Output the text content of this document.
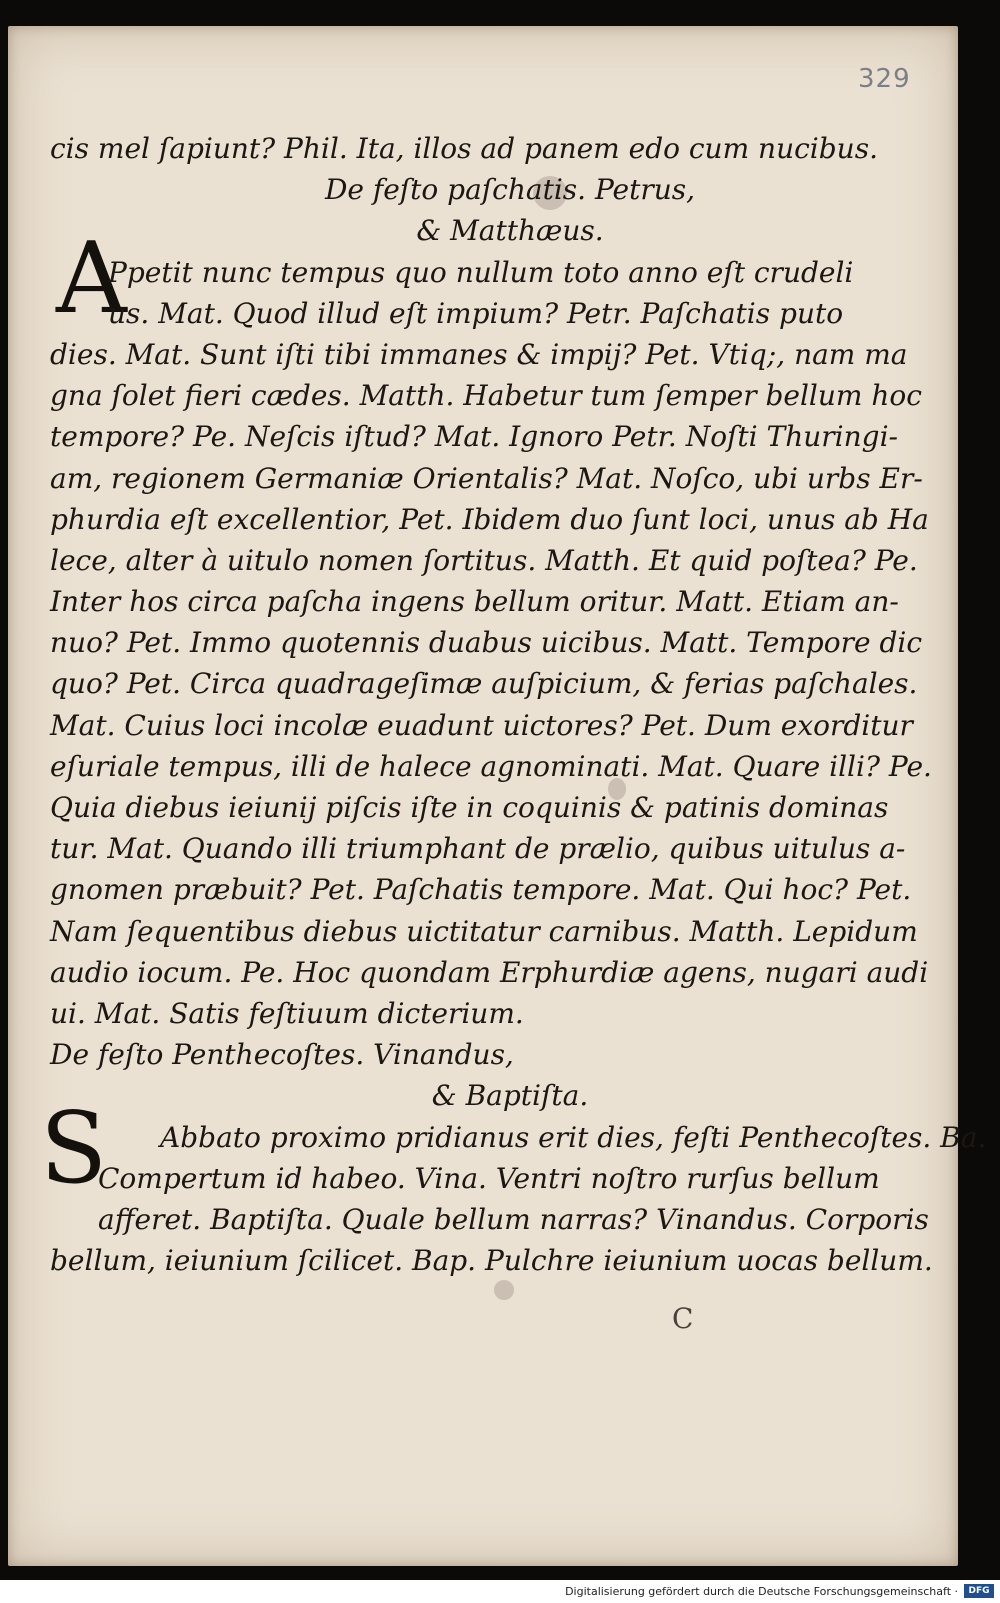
329
A
S
cis mel ſapiunt? Phil. Ita, illos ad panem edo cum nucibus.
De feſto paſchatis. Petrus,
& Matthæus.
Ppetit nunc tempus quo nullum toto anno eſt crudeli
us. Mat. Quod illud eſt impium? Petr. Paſchatis puto
dies. Mat. Sunt iſti tibi immanes & impij? Pet. Vtiq;, nam ma
gna ſolet fieri cædes. Matth. Habetur tum ſemper bellum hoc
tempore? Pe. Neſcis iſtud? Mat. Ignoro Petr. Noſti Thuringi-
am, regionem Germaniæ Orientalis? Mat. Noſco, ubi urbs Er-
phurdia eſt excellentior, Pet. Ibidem duo ſunt loci, unus ab Ha
lece, alter à uitulo nomen ſortitus. Matth. Et quid poſtea? Pe.
Inter hos circa paſcha ingens bellum oritur. Matt. Etiam an-
nuo? Pet. Immo quotennis duabus uicibus. Matt. Tempore dic
quo? Pet. Circa quadrageſimæ auſpicium, & ferias paſchales.
Mat. Cuius loci incolæ euadunt uictores? Pet. Dum exorditur
eſuriale tempus, illi de halece agnominati. Mat. Quare illi? Pe.
Quia diebus ieiunij piſcis iſte in coquinis & patinis dominas
tur. Mat. Quando illi triumphant de prælio, quibus uitulus a-
gnomen præbuit? Pet. Paſchatis tempore. Mat. Qui hoc? Pet.
Nam ſequentibus diebus uictitatur carnibus. Matth. Lepidum
audio iocum. Pe. Hoc quondam Erphurdiæ agens, nugari audi
ui. Mat. Satis feſtiuum dicterium.
De feſto Penthecoſtes. Vinandus,
& Baptiſta.
Abbato proximo pridianus erit dies, feſti Penthecoſtes. Ba.
Compertum id habeo. Vina. Ventri noſtro rurſus bellum
afferet. Baptiſta. Quale bellum narras? Vinandus. Corporis
bellum, ieiunium ſcilicet. Bap. Pulchre ieiunium uocas bellum.
C
Digitalisierung gefördert durch die Deutsche Forschungsgemeinschaft ·	DFG
